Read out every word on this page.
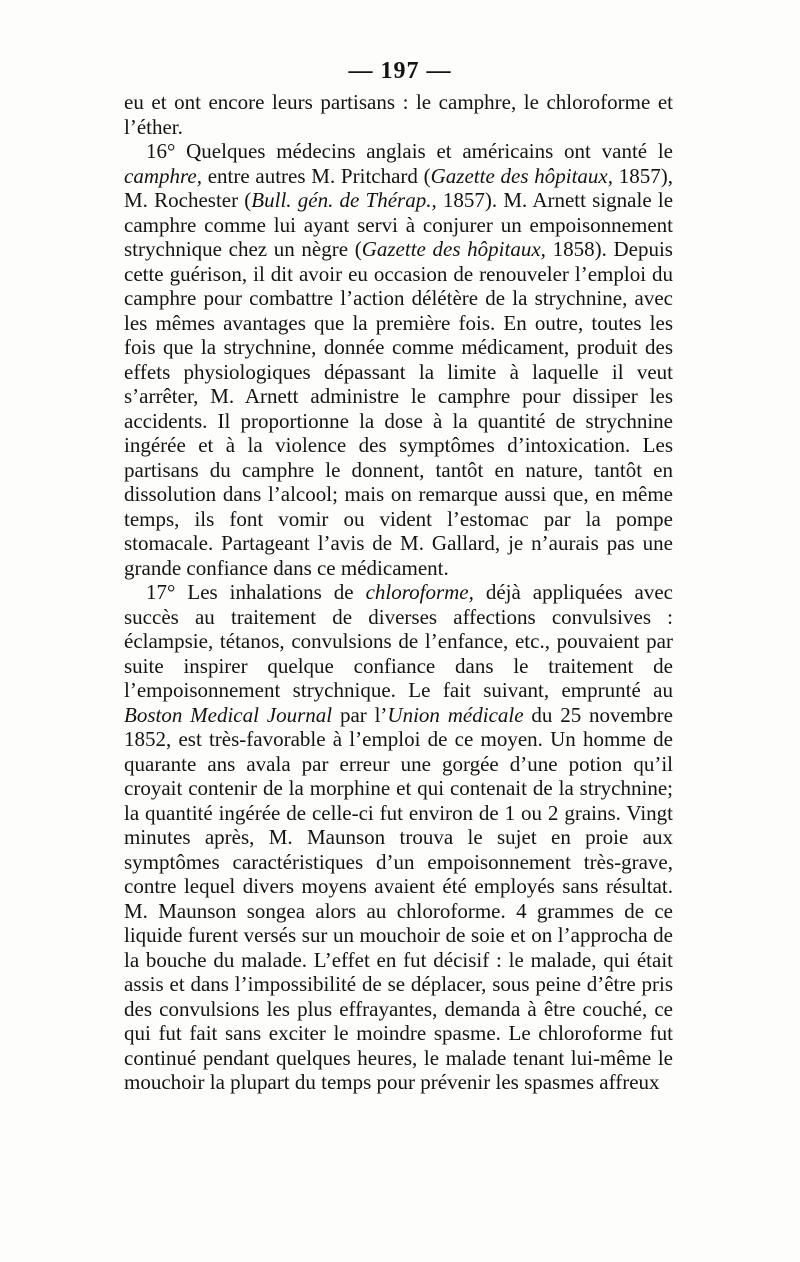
— 197 —

eu et ont encore leurs partisans : le camphre, le chloroforme et l’éther.

16° Quelques médecins anglais et américains ont vanté le camphre, entre autres M. Pritchard (Gazette des hôpitaux, 1857), M. Rochester (Bull. gén. de Thérap., 1857). M. Arnett signale le camphre comme lui ayant servi à conjurer un empoisonnement strychnique chez un nègre (Gazette des hôpitaux, 1858). Depuis cette guérison, il dit avoir eu occasion de renouveler l’emploi du camphre pour combattre l’action délétère de la strychnine, avec les mêmes avantages que la première fois. En outre, toutes les fois que la strychnine, donnée comme médicament, produit des effets physiologiques dépassant la limite à laquelle il veut s’arrêter, M. Arnett administre le camphre pour dissiper les accidents. Il proportionne la dose à la quantité de strychnine ingérée et à la violence des symptômes d’intoxication. Les partisans du camphre le donnent, tantôt en nature, tantôt en dissolution dans l’alcool; mais on remarque aussi que, en même temps, ils font vomir ou vident l’estomac par la pompe stomacale. Partageant l’avis de M. Gallard, je n’aurais pas une grande confiance dans ce médicament.

17° Les inhalations de chloroforme, déjà appliquées avec succès au traitement de diverses affections convulsives : éclampsie, tétanos, convulsions de l’enfance, etc., pouvaient par suite inspirer quelque confiance dans le traitement de l’empoisonnement strychnique. Le fait suivant, emprunté au Boston Medical Journal par l’Union médicale du 25 novembre 1852, est très-favorable à l’emploi de ce moyen. Un homme de quarante ans avala par erreur une gorgée d’une potion qu’il croyait contenir de la morphine et qui contenait de la strychnine; la quantité ingérée de celle-ci fut environ de 1 ou 2 grains. Vingt minutes après, M. Maunson trouva le sujet en proie aux symptômes caractéristiques d’un empoisonnement très-grave, contre lequel divers moyens avaient été employés sans résultat. M. Maunson songea alors au chloroforme. 4 grammes de ce liquide furent versés sur un mouchoir de soie et on l’approcha de la bouche du malade. L’effet en fut décisif : le malade, qui était assis et dans l’impossibilité de se déplacer, sous peine d’être pris des convulsions les plus effrayantes, demanda à être couché, ce qui fut fait sans exciter le moindre spasme. Le chloroforme fut continué pendant quelques heures, le malade tenant lui-même le mouchoir la plupart du temps pour prévenir les spasmes affreux
